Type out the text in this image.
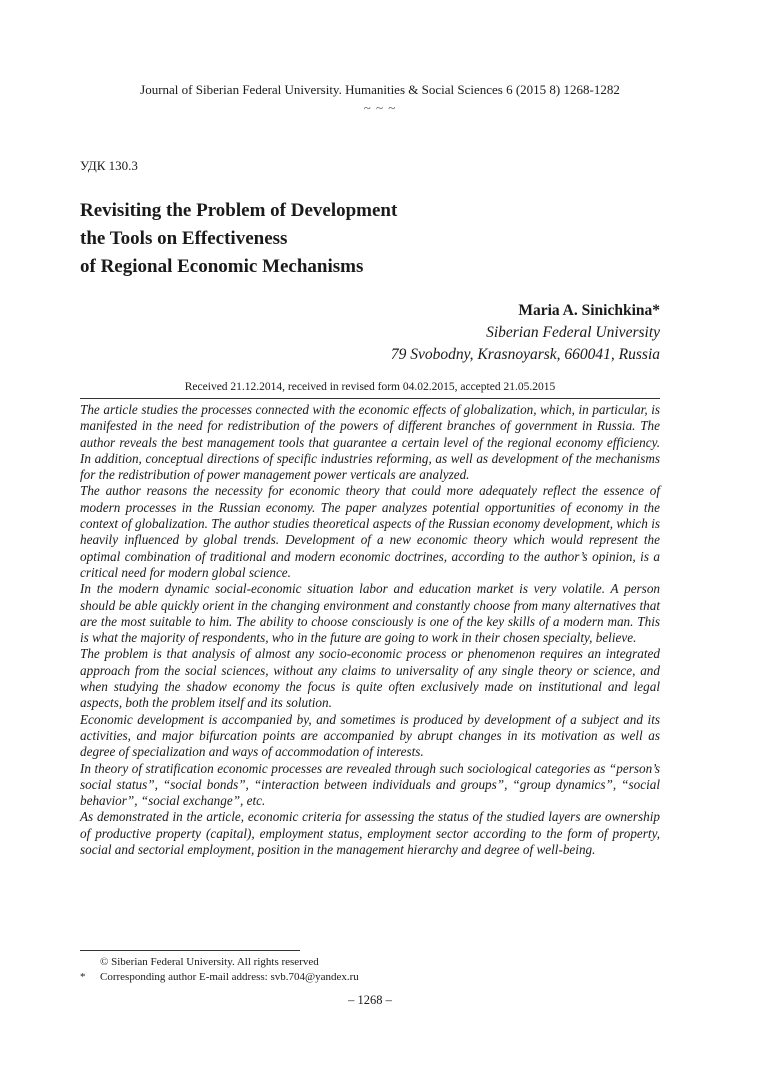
Journal of Siberian Federal University. Humanities & Social Sciences 6 (2015 8) 1268-1282
~ ~ ~
УДК 130.3
Revisiting the Problem of Development
the Tools on Effectiveness
of Regional Economic Mechanisms
Maria A. Sinichkina*
Siberian Federal University
79 Svobodny, Krasnoyarsk, 660041, Russia
Received 21.12.2014, received in revised form 04.02.2015, accepted 21.05.2015

The article studies the processes connected with the economic effects of globalization, which, in particular, is manifested in the need for redistribution of the powers of different branches of government in Russia. The author reveals the best management tools that guarantee a certain level of the regional economy efficiency. In addition, conceptual directions of specific industries reforming, as well as development of the mechanisms for the redistribution of power management power verticals are analyzed.

The author reasons the necessity for economic theory that could more adequately reflect the essence of modern processes in the Russian economy. The paper analyzes potential opportunities of economy in the context of globalization. The author studies theoretical aspects of the Russian economy development, which is heavily influenced by global trends. Development of a new economic theory which would represent the optimal combination of traditional and modern economic doctrines, according to the author’s opinion, is a critical need for modern global science.

In the modern dynamic social-economic situation labor and education market is very volatile. A person should be able quickly orient in the changing environment and constantly choose from many alternatives that are the most suitable to him. The ability to choose consciously is one of the key skills of a modern man. This is what the majority of respondents, who in the future are going to work in their chosen specialty, believe.

The problem is that analysis of almost any socio-economic process or phenomenon requires an integrated approach from the social sciences, without any claims to universality of any single theory or science, and when studying the shadow economy the focus is quite often exclusively made on institutional and legal aspects, both the problem itself and its solution.

Economic development is accompanied by, and sometimes is produced by development of a subject and its activities, and major bifurcation points are accompanied by abrupt changes in its motivation as well as degree of specialization and ways of accommodation of interests.

In theory of stratification economic processes are revealed through such sociological categories as “person’s social status”, “social bonds”, “interaction between individuals and groups”, “group dynamics”, “social behavior”, “social exchange”, etc.

As demonstrated in the article, economic criteria for assessing the status of the studied layers are ownership of productive property (capital), employment status, employment sector according to the form of property, social and sectorial employment, position in the management hierarchy and degree of well-being.

© Siberian Federal University. All rights reserved
* Corresponding author E-mail address: svb.704@yandex.ru
– 1268 –
